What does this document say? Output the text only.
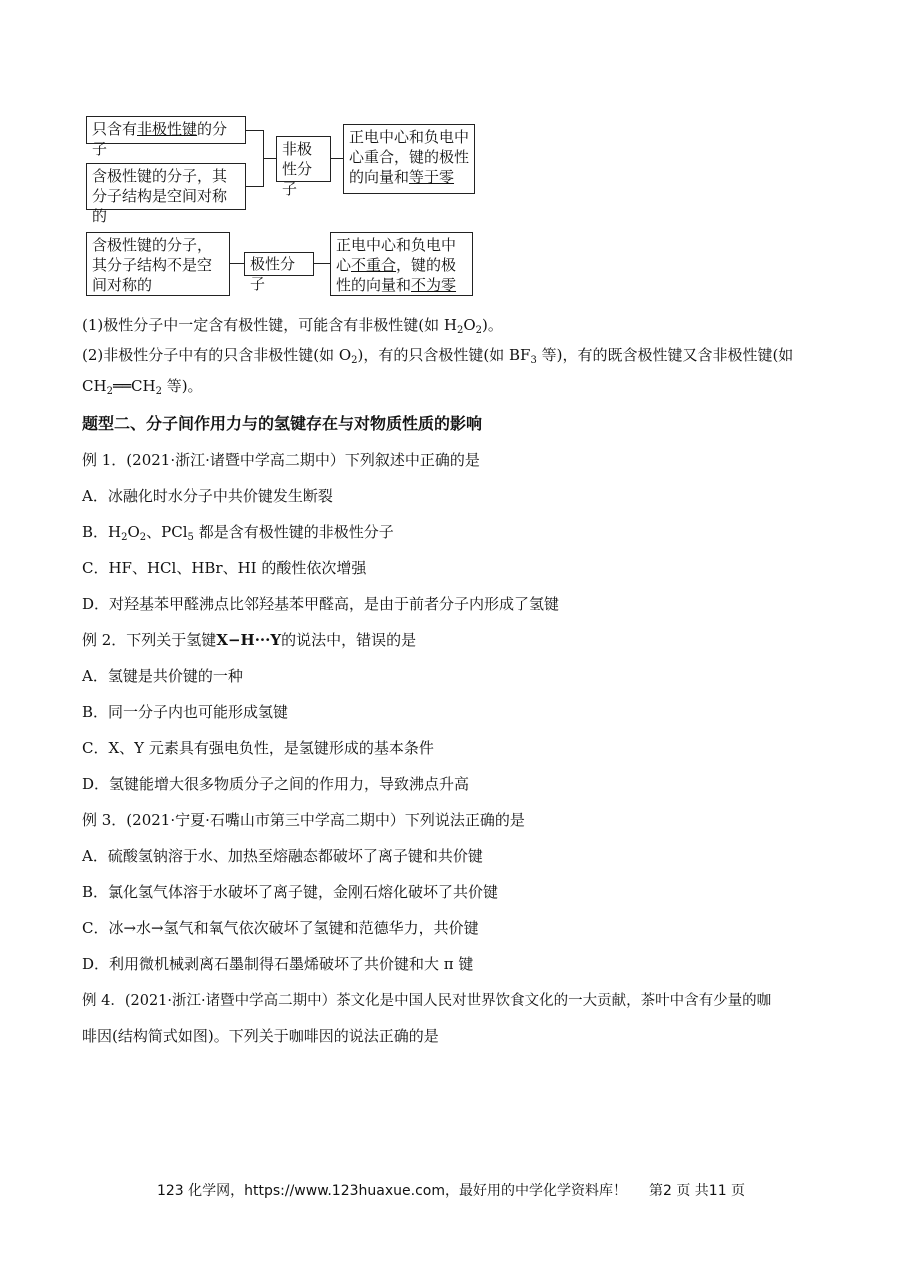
只含有非极性键的分子
含极性键的分子，其分子结构是空间对称的
非极性分子
正电中心和负电中心重合，键的极性的向量和等于零
含极性键的分子，其分子结构不是空间对称的
极性分子
正电中心和负电中心不重合，键的极性的向量和不为零
(1)极性分子中一定含有极性键，可能含有非极性键(如 $H_2O_2$)。
(2)非极性分子中有的只含非极性键(如 $O_2$)，有的只含极性键(如 $BF_3$ 等)，有的既含极性键又含非极性键(如
$CH_2══CH_2$ 等)。
题型二、分子间作用力与的氢键存在与对物质性质的影响
例 1．(2021·浙江·诸暨中学高二期中）下列叙述中正确的是
A．冰融化时水分子中共价键发生断裂
B．$H_2O_2$、PCl$_5$ 都是含有极性键的非极性分子
C．HF、HCl、HBr、HI 的酸性依次增强
D．对羟基苯甲醛沸点比邻羟基苯甲醛高，是由于前者分子内形成了氢键
例 2．下列关于氢键X−H···Y的说法中，错误的是
A．氢键是共价键的一种
B．同一分子内也可能形成氢键
C．X、Y 元素具有强电负性，是氢键形成的基本条件
D．氢键能增大很多物质分子之间的作用力，导致沸点升高
例 3．(2021·宁夏·石嘴山市第三中学高二期中）下列说法正确的是
A．硫酸氢钠溶于水、加热至熔融态都破坏了离子键和共价键
B．氯化氢气体溶于水破坏了离子键，金刚石熔化破坏了共价键
C．冰→水→氢气和氧气依次破坏了氢键和范德华力，共价键
D．利用微机械剥离石墨制得石墨烯破坏了共价键和大 π 键
例 4．(2021·浙江·诸暨中学高二期中）茶文化是中国人民对世界饮食文化的一大贡献，茶叶中含有少量的咖
啡因(结构简式如图)。下列关于咖啡因的说法正确的是
123 化学网，https://www.123huaxue.com，最好用的中学化学资料库！ 第2 页 共11 页
